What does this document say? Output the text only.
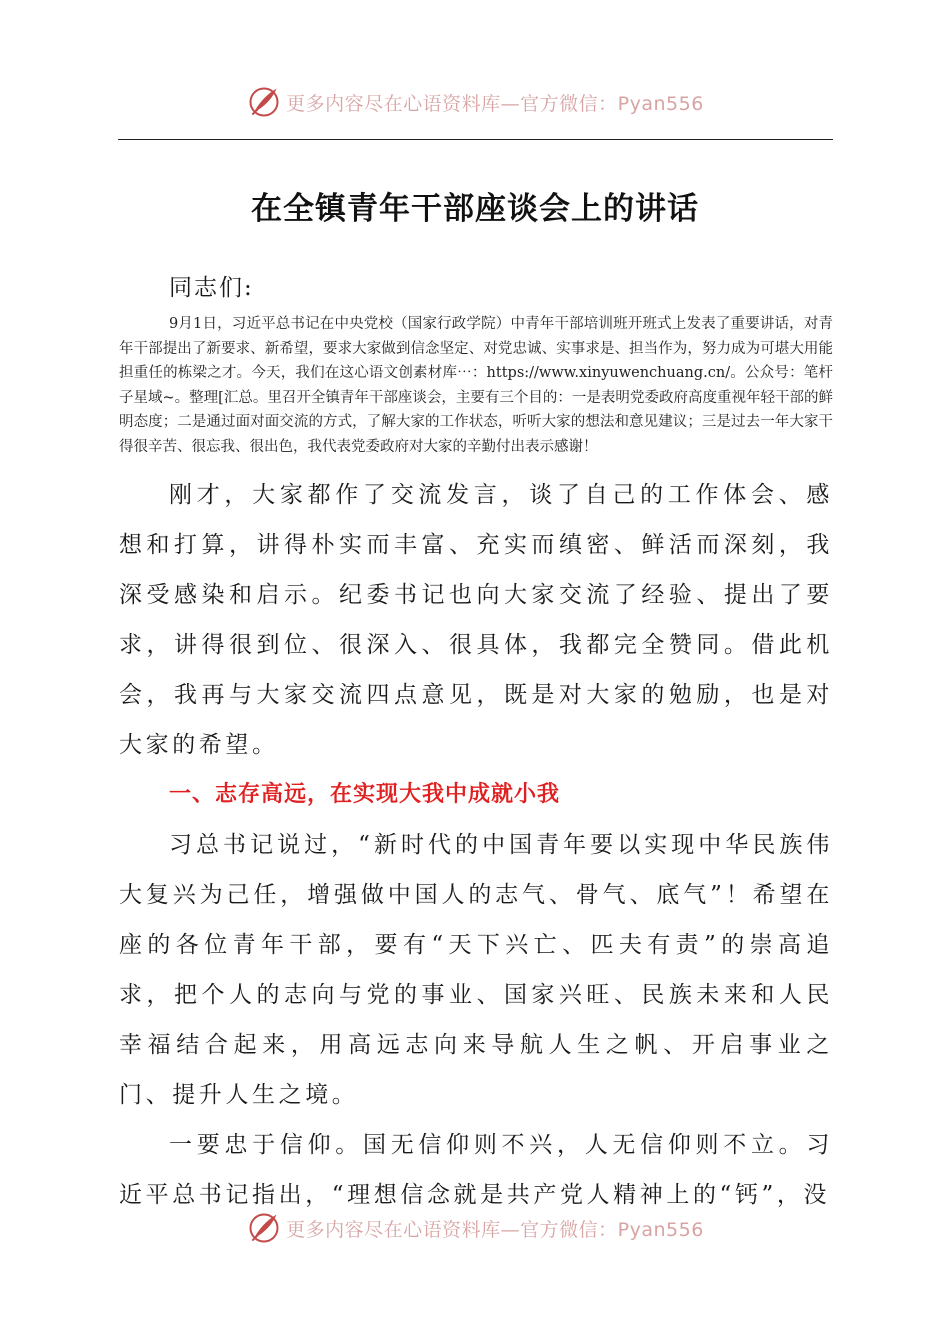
更多内容尽在心语资料库—官方微信：Pyan556
在全镇青年干部座谈会上的讲话

同志们:

9月1日，习近平总书记在中央党校（国家行政学院）中青年干部培训班开班式上发表了重要讲话，对青年干部提出了新要求、新希望，要求大家做到信念坚定、对党忠诚、实事求是、担当作为，努力成为可堪大用能担重任的栋梁之才。今天，我们在这心语文创素材库⋯：https://www.xinyuwenchuang.cn/。公众号：笔杆子星域~。整理[汇总。里召开全镇青年干部座谈会，主要有三个目的：一是表明党委政府高度重视年轻干部的鲜明态度；二是通过面对面交流的方式，了解大家的工作状态，听听大家的想法和意见建议；三是过去一年大家干得很辛苦、很忘我、很出色，我代表党委政府对大家的辛勤付出表示感谢！

刚才，大家都作了交流发言，谈了自己的工作体会、感想和打算，讲得朴实而丰富、充实而缜密、鲜活而深刻，我深受感染和启示。纪委书记也向大家交流了经验、提出了要求，讲得很到位、很深入、很具体，我都完全赞同。借此机会，我再与大家交流四点意见，既是对大家的勉励，也是对大家的希望。

一、志存高远，在实现大我中成就小我

习总书记说过，“新时代的中国青年要以实现中华民族伟大复兴为己任，增强做中国人的志气、骨气、底气”！希望在座的各位青年干部，要有“天下兴亡、匹夫有责”的崇高追求，把个人的志向与党的事业、国家兴旺、民族未来和人民幸福结合起来，用高远志向来导航人生之帆、开启事业之门、提升人生之境。

一要忠于信仰。国无信仰则不兴，人无信仰则不立。习近平总书记指出，“理想信念就是共产党人精神上的“钙”，没

更多内容尽在心语资料库—官方微信：Pyan556
